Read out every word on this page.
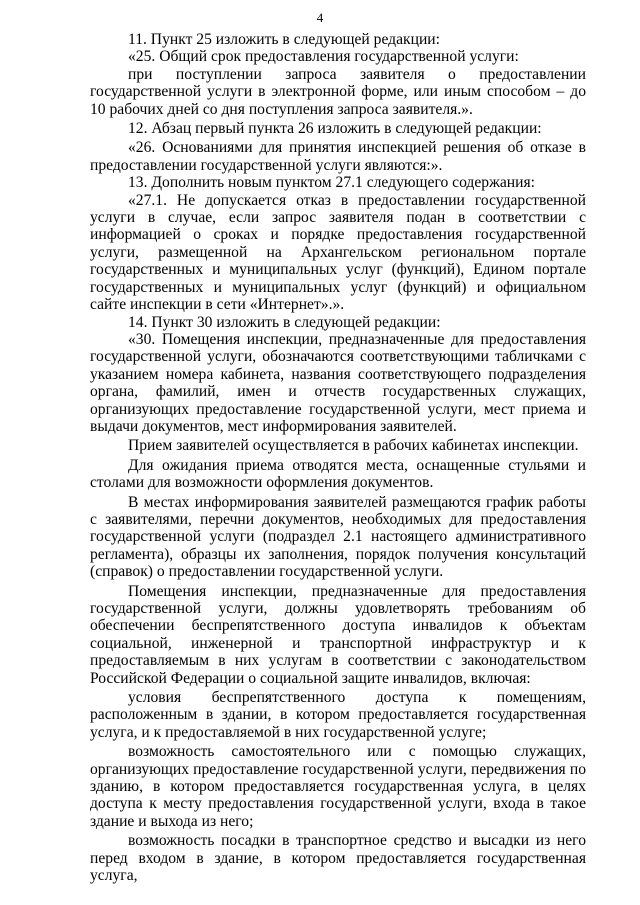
4

11. Пункт 25 изложить в следующей редакции:

«25. Общий срок предоставления государственной услуги:

при поступлении запроса заявителя о предоставлении государственной услуги в электронной форме, или иным способом – до 10 рабочих дней со дня поступления запроса заявителя.».

12. Абзац первый пункта 26 изложить в следующей редакции:

«26. Основаниями для принятия инспекцией решения об отказе в предоставлении государственной услуги являются:».

13. Дополнить новым пунктом 27.1 следующего содержания:

«27.1. Не допускается отказ в предоставлении государственной услуги в случае, если запрос заявителя подан в соответствии с информацией о сроках и порядке предоставления государственной услуги, размещенной на Архангельском региональном портале государственных и муниципальных услуг (функций), Едином портале государственных и муниципальных услуг (функций) и официальном сайте инспекции в сети «Интернет».».

14. Пункт 30 изложить в следующей редакции:

«30. Помещения инспекции, предназначенные для предоставления государственной услуги, обозначаются соответствующими табличками с указанием номера кабинета, названия соответствующего подразделения органа, фамилий, имен и отчеств государственных служащих, организующих предоставление государственной услуги, мест приема и выдачи документов, мест информирования заявителей.

Прием заявителей осуществляется в рабочих кабинетах инспекции.

Для ожидания приема отводятся места, оснащенные стульями и столами для возможности оформления документов.

В местах информирования заявителей размещаются график работы с заявителями, перечни документов, необходимых для предоставления государственной услуги (подраздел 2.1 настоящего административного регламента), образцы их заполнения, порядок получения консультаций (справок) о предоставлении государственной услуги.

Помещения инспекции, предназначенные для предоставления государственной услуги, должны удовлетворять требованиям об обеспечении беспрепятственного доступа инвалидов к объектам социальной, инженерной и транспортной инфраструктур и к предоставляемым в них услугам в соответствии с законодательством Российской Федерации о социальной защите инвалидов, включая:

условия беспрепятственного доступа к помещениям, расположенным в здании, в котором предоставляется государственная услуга, и к предоставляемой в них государственной услуге;

возможность самостоятельного или с помощью служащих, организующих предоставление государственной услуги, передвижения по зданию, в котором предоставляется государственная услуга, в целях доступа к месту предоставления государственной услуги, входа в такое здание и выхода из него;

возможность посадки в транспортное средство и высадки из него перед входом в здание, в котором предоставляется государственная услуга,
